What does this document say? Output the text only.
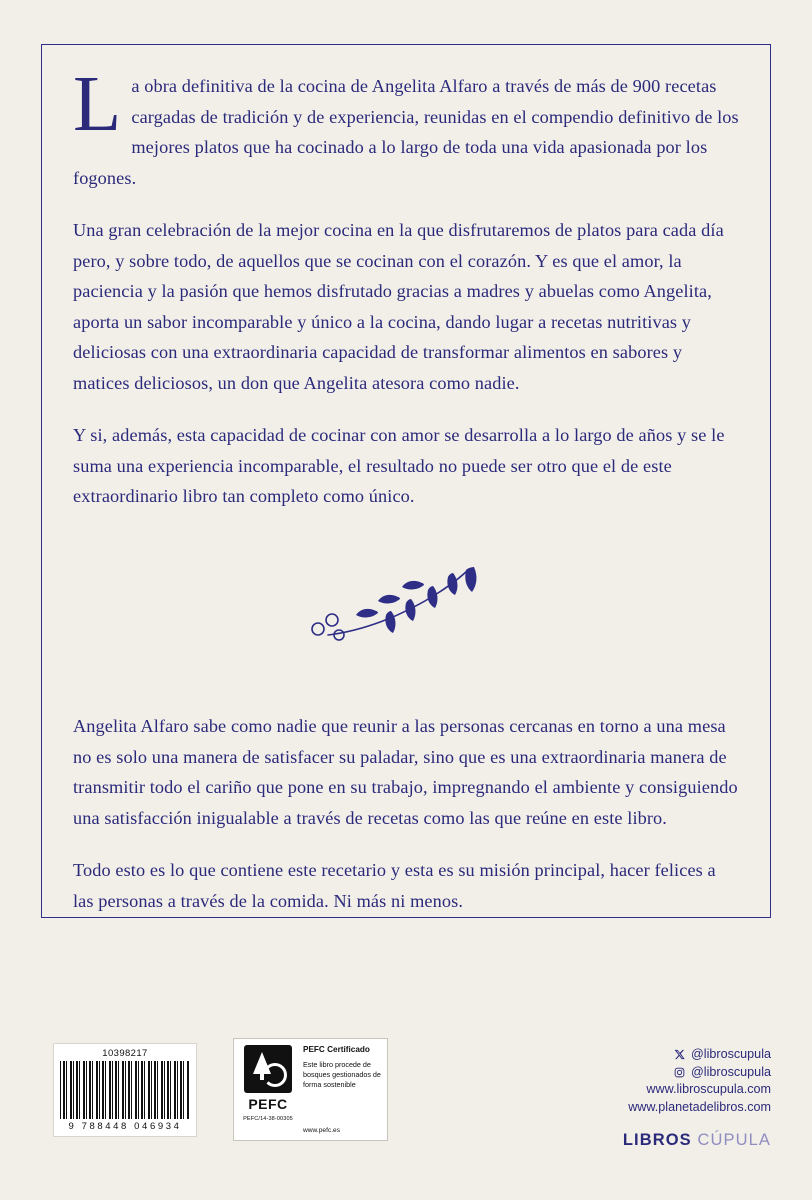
La obra definitiva de la cocina de Angelita Alfaro a través de más de 900 recetas cargadas de tradición y de experiencia, reunidas en el compendio definitivo de los mejores platos que ha cocinado a lo largo de toda una vida apasionada por los fogones.

Una gran celebración de la mejor cocina en la que disfrutaremos de platos para cada día pero, y sobre todo, de aquellos que se cocinan con el corazón. Y es que el amor, la paciencia y la pasión que hemos disfrutado gracias a madres y abuelas como Angelita, aporta un sabor incomparable y único a la cocina, dando lugar a recetas nutritivas y deliciosas con una extraordinaria capacidad de transformar alimentos en sabores y matices deliciosos, un don que Angelita atesora como nadie.

Y si, además, esta capacidad de cocinar con amor se desarrolla a lo largo de años y se le suma una experiencia incomparable, el resultado no puede ser otro que el de este extraordinario libro tan completo como único.

Angelita Alfaro sabe como nadie que reunir a las personas cercanas en torno a una mesa no es solo una manera de satisfacer su paladar, sino que es una extraordinaria manera de transmitir todo el cariño que pone en su trabajo, impregnando el ambiente y consiguiendo una satisfacción inigualable a través de recetas como las que reúne en este libro.

Todo esto es lo que contiene este recetario y esta es su misión principal, hacer felices a las personas a través de la comida. Ni más ni menos.

10398217
9 788448 046934
PEFC
PEFC/14-38-00305
PEFC Certificado
Este libro procede de bosques gestionados de forma sostenible
www.pefc.es
@libroscupula
@libroscupula
www.libroscupula.com
www.planetadelibros.com
LIBROS CÚPULA
